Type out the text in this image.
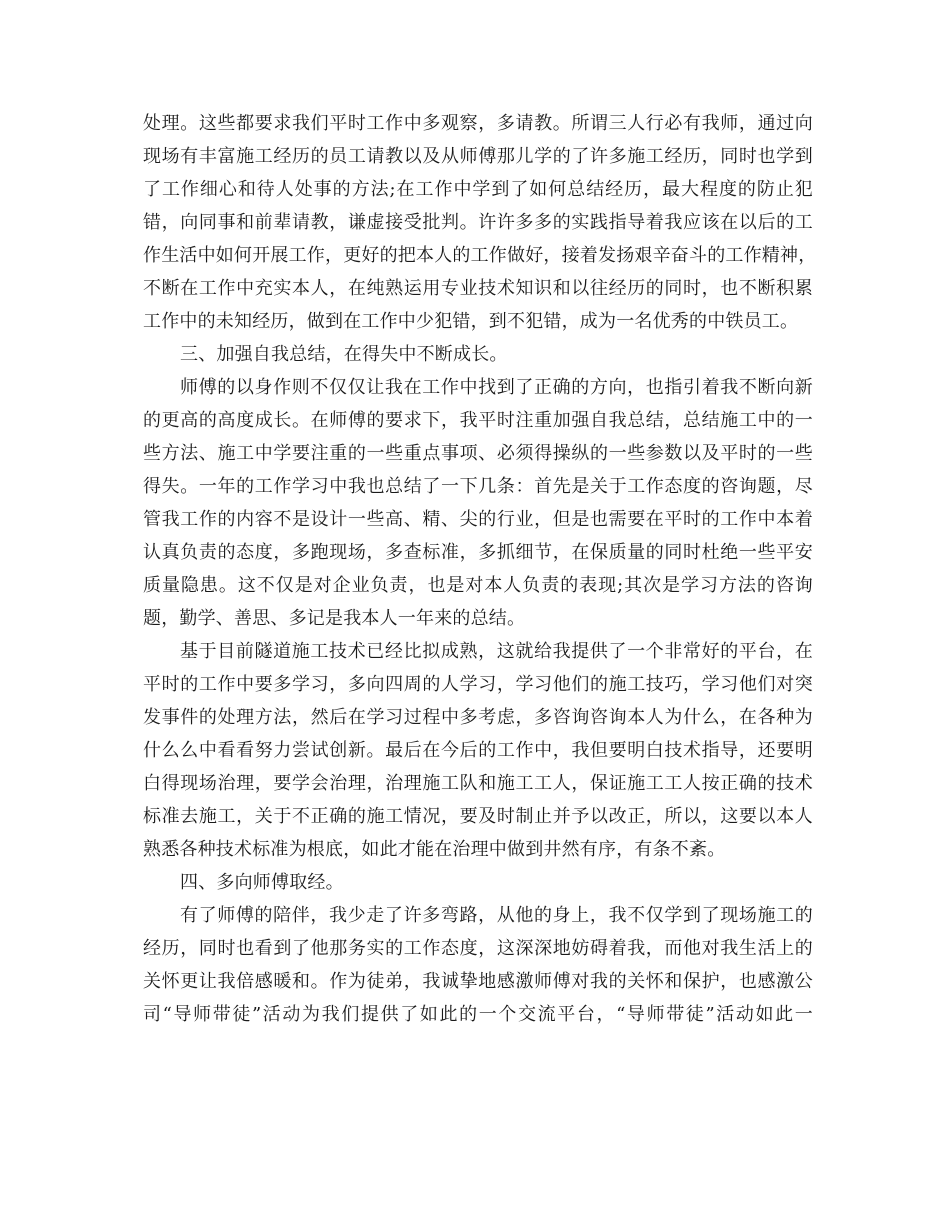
处理。这些都要求我们平时工作中多观察，多请教。所谓三人行必有我师，通过向
现场有丰富施工经历的员工请教以及从师傅那儿学的了许多施工经历，同时也学到
了工作细心和待人处事的方法;在工作中学到了如何总结经历，最大程度的防止犯
错，向同事和前辈请教，谦虚接受批判。许许多多的实践指导着我应该在以后的工
作生活中如何开展工作，更好的把本人的工作做好，接着发扬艰辛奋斗的工作精神，
不断在工作中充实本人，在纯熟运用专业技术知识和以往经历的同时，也不断积累
工作中的未知经历，做到在工作中少犯错，到不犯错，成为一名优秀的中铁员工。
三、加强自我总结，在得失中不断成长。
师傅的以身作则不仅仅让我在工作中找到了正确的方向，也指引着我不断向新
的更高的高度成长。在师傅的要求下，我平时注重加强自我总结，总结施工中的一
些方法、施工中学要注重的一些重点事项、必须得操纵的一些参数以及平时的一些
得失。一年的工作学习中我也总结了一下几条：首先是关于工作态度的咨询题，尽
管我工作的内容不是设计一些高、精、尖的行业，但是也需要在平时的工作中本着
认真负责的态度，多跑现场，多查标准，多抓细节，在保质量的同时杜绝一些平安
质量隐患。这不仅是对企业负责，也是对本人负责的表现;其次是学习方法的咨询
题，勤学、善思、多记是我本人一年来的总结。
基于目前隧道施工技术已经比拟成熟，这就给我提供了一个非常好的平台，在
平时的工作中要多学习，多向四周的人学习，学习他们的施工技巧，学习他们对突
发事件的处理方法，然后在学习过程中多考虑，多咨询咨询本人为什么，在各种为
什么么中看看努力尝试创新。最后在今后的工作中，我但要明白技术指导，还要明
白得现场治理，要学会治理，治理施工队和施工工人，保证施工工人按正确的技术
标准去施工，关于不正确的施工情况，要及时制止并予以改正，所以，这要以本人
熟悉各种技术标准为根底，如此才能在治理中做到井然有序，有条不紊。
四、多向师傅取经。
有了师傅的陪伴，我少走了许多弯路，从他的身上，我不仅学到了现场施工的
经历，同时也看到了他那务实的工作态度，这深深地妨碍着我，而他对我生活上的
关怀更让我倍感暖和。作为徒弟，我诚挚地感激师傅对我的关怀和保护，也感激公
司“导师带徒”活动为我们提供了如此的一个交流平台，“导师带徒”活动如此一
